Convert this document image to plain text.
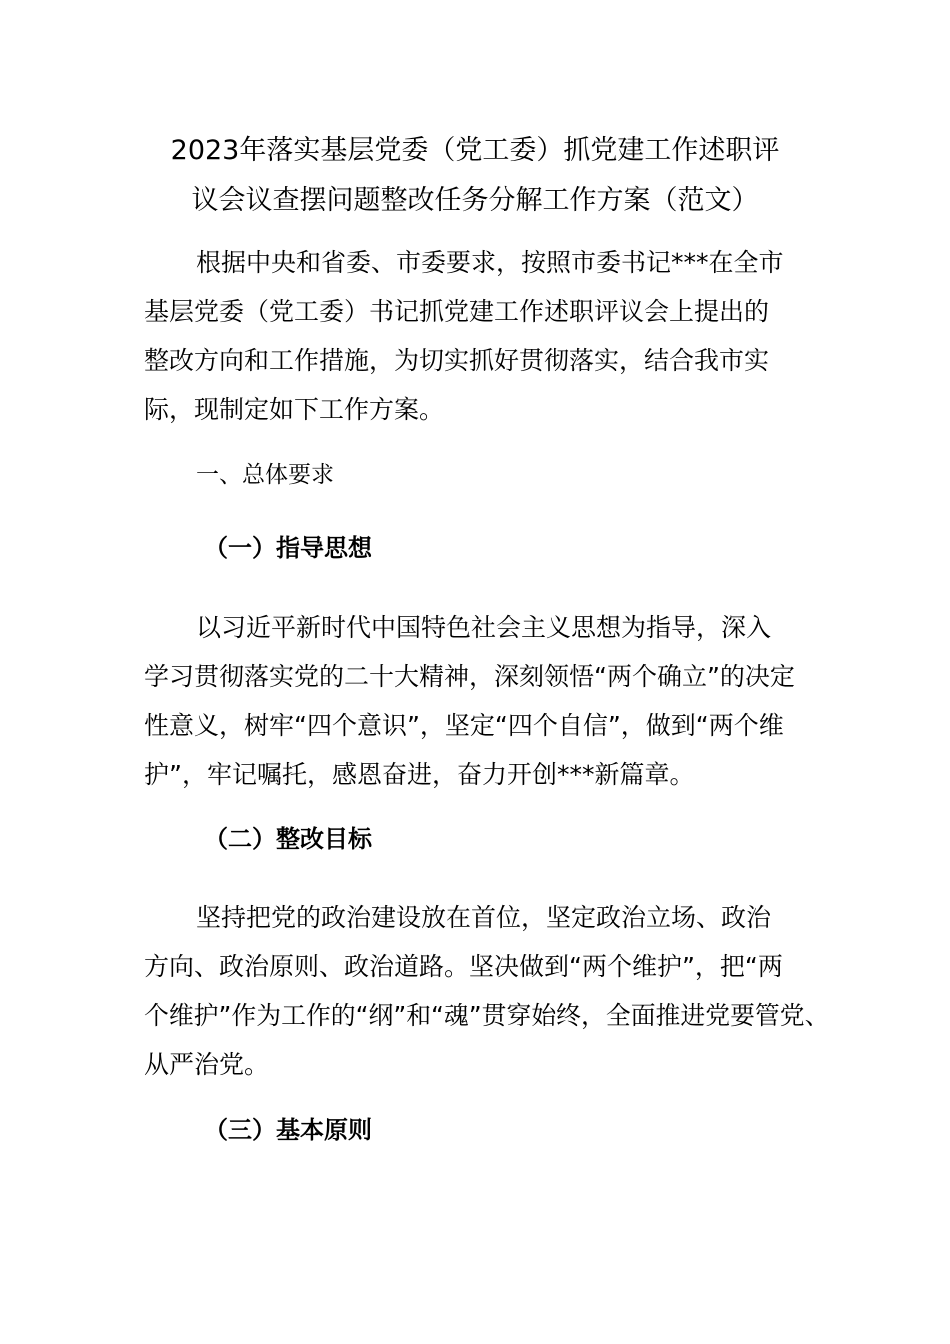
2023年落实基层党委（党工委）抓党建工作述职评
议会议查摆问题整改任务分解工作方案（范文）

根据中央和省委、市委要求，按照市委书记***在全市

基层党委（党工委）书记抓党建工作述职评议会上提出的

整改方向和工作措施，为切实抓好贯彻落实，结合我市实

际，现制定如下工作方案。

一、总体要求

（一）指导思想

以习近平新时代中国特色社会主义思想为指导，深入

学习贯彻落实党的二十大精神，深刻领悟“两个确立”的决定

性意义，树牢“四个意识”，坚定“四个自信”，做到“两个维

护”，牢记嘱托，感恩奋进，奋力开创***新篇章。

（二）整改目标

坚持把党的政治建设放在首位，坚定政治立场、政治

方向、政治原则、政治道路。坚决做到“两个维护”，把“两

个维护”作为工作的“纲”和“魂”贯穿始终，全面推进党要管党、

从严治党。

（三）基本原则
